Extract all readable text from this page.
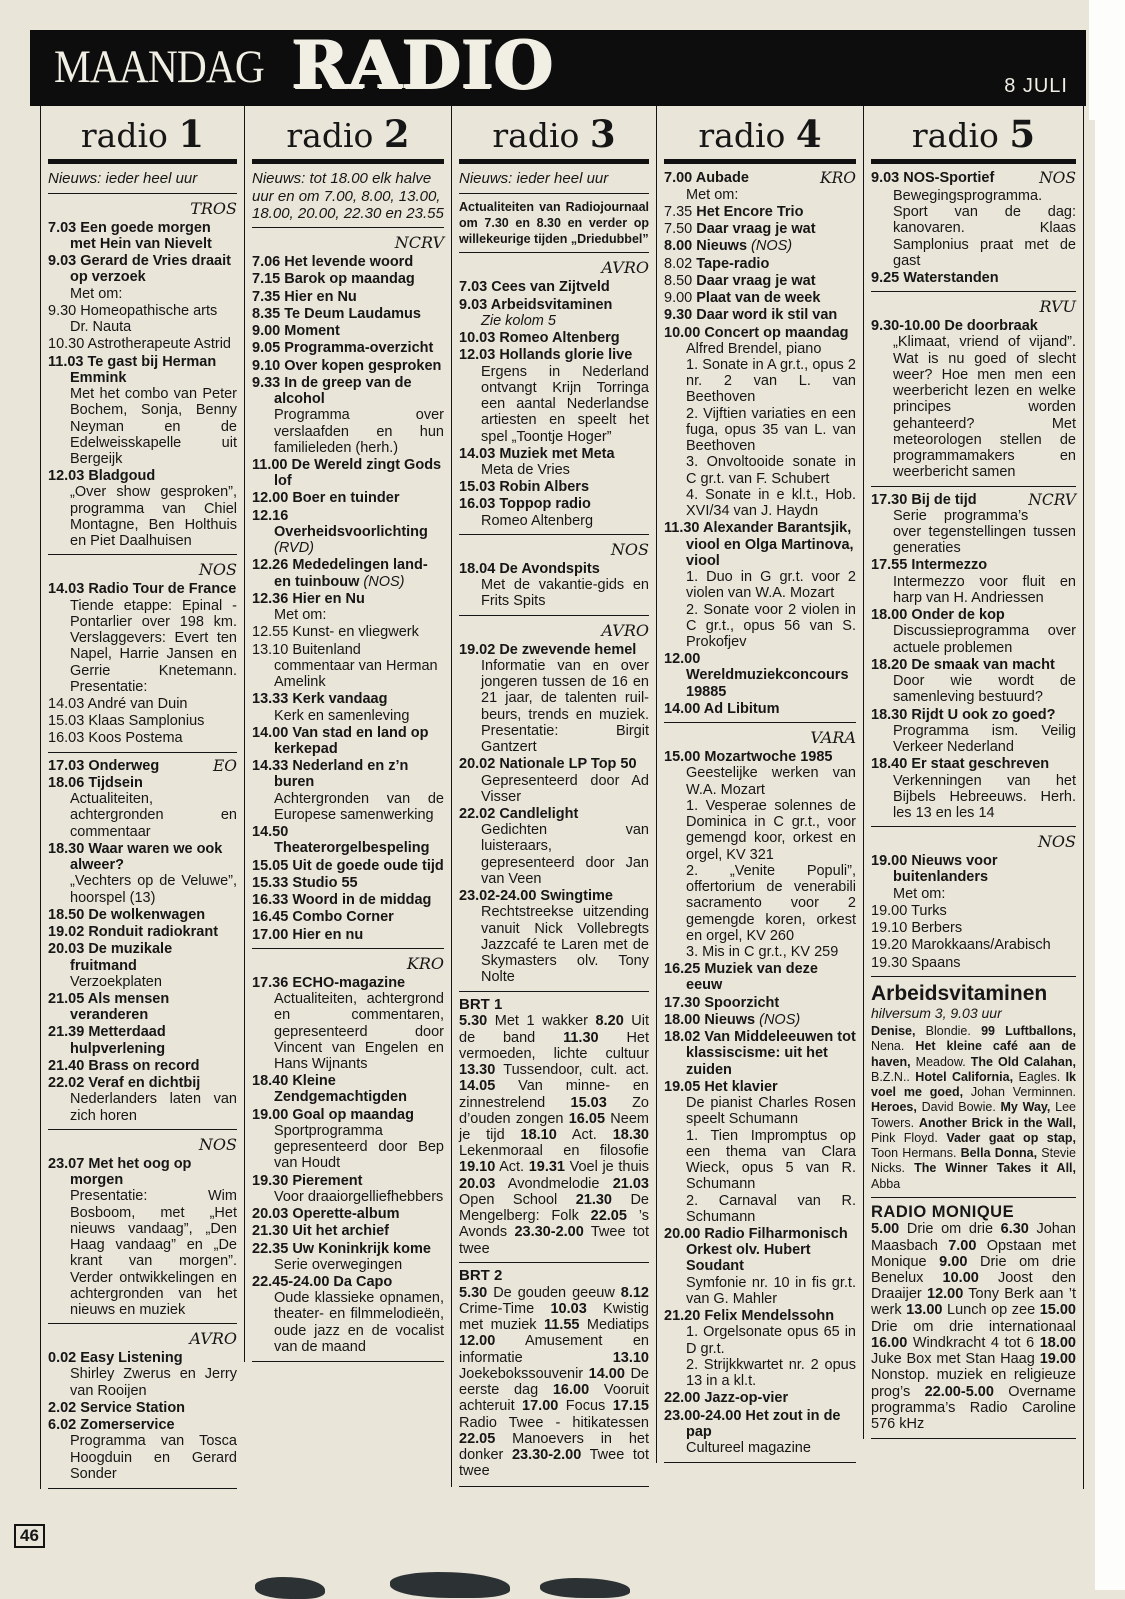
MAANDAG RADIO	8 JULI
radio 1
Nieuws: ieder heel uur
TROS
7.03 Een goede morgen met Hein van Nievelt
9.03 Gerard de Vries draait op verzoek
Met om:
9.30 Homeopathische arts Dr. Nauta
10.30 Astrotherapeute Astrid
11.03 Te gast bij Herman Emmink
Met het combo van Peter Bochem, Sonja, Benny Neyman en de Edelweisskapelle uit Bergeijk
12.03 Bladgoud
„Over show gesproken”, programma van Chiel Montagne, Ben Holthuis en Piet Daalhuisen
NOS
14.03 Radio Tour de France
Tiende etappe: Epinal - Pontarlier over 198 km. Verslaggevers: Evert ten Napel, Harrie Jansen en Gerrie Knetemann. Presentatie:
14.03 André van Duin
15.03 Klaas Samplonius
16.03 Koos Postema
EO
17.03 Onderweg
18.06 Tijdsein
Actualiteiten, achtergronden en commentaar
18.30 Waar waren we ook alweer?
„Vechters op de Veluwe”, hoorspel (13)
18.50 De wolkenwagen
19.02 Ronduit radiokrant
20.03 De muzikale fruitmand
Verzoekplaten
21.05 Als mensen veranderen
21.39 Metterdaad hulpverlening
21.40 Brass on record
22.02 Veraf en dichtbij
Nederlanders laten van zich horen
NOS
23.07 Met het oog op morgen
Presentatie: Wim Bosboom, met „Het nieuws vandaag”, „Den Haag vandaag” en „De krant van morgen”. Verder ontwikkelingen en achtergronden van het nieuws en muziek
AVRO
0.02 Easy Listening
Shirley Zwerus en Jerry van Rooijen
2.02 Service Station
6.02 Zomerservice
Programma van Tosca Hoogduin en Gerard Sonder
radio 2
Nieuws: tot 18.00 elk halve uur en om 7.00, 8.00, 13.00, 18.00, 20.00, 22.30 en 23.55
NCRV
7.06 Het levende woord
7.15 Barok op maandag
7.35 Hier en Nu
8.35 Te Deum Laudamus
9.00 Moment
9.05 Programma-overzicht
9.10 Over kopen gesproken
9.33 In de greep van de alcohol
Programma over verslaafden en hun familieleden (herh.)
11.00 De Wereld zingt Gods lof
12.00 Boer en tuinder
12.16 Overheidsvoorlichting (RVD)
12.26 Mededelingen land- en tuinbouw (NOS)
12.36 Hier en Nu
Met om:
12.55 Kunst- en vliegwerk
13.10 Buitenland commentaar van Herman Amelink
13.33 Kerk vandaag
Kerk en samenleving
14.00 Van stad en land op kerkepad
14.33 Nederland en z’n buren
Achtergronden van de Europese samenwerking
14.50 Theaterorgelbespeling
15.05 Uit de goede oude tijd
15.33 Studio 55
16.33 Woord in de middag
16.45 Combo Corner
17.00 Hier en nu
KRO
17.36 ECHO-magazine
Actualiteiten, achtergrond en commentaren, gepresenteerd door Vincent van Engelen en Hans Wijnants
18.40 Kleine Zendgemachtigden
19.00 Goal op maandag
Sportprogramma gepresenteerd door Bep van Houdt
19.30 Pierement
Voor draaiorgelliefhebbers
20.03 Operette-album
21.30 Uit het archief
22.35 Uw Koninkrijk kome
Serie overwegingen
22.45-24.00 Da Capo
Oude klassieke opnamen, theater- en filmmelodieën, oude jazz en de vocalist van de maand
radio 3
Nieuws: ieder heel uur
Actualiteiten van Radiojournaal om 7.30 en 8.30 en verder op willekeurige tijden „Driedubbel”
AVRO
7.03 Cees van Zijtveld
9.03 Arbeidsvitaminen
Zie kolom 5
10.03 Romeo Altenberg
12.03 Hollands glorie live
Ergens in Nederland ontvangt Krijn Torringa een aantal Nederlandse artiesten en speelt het spel „Toontje Hoger”
14.03 Muziek met Meta
Meta de Vries
15.03 Robin Albers
16.03 Toppop radio
Romeo Altenberg
NOS
18.04 De Avondspits
Met de vakantie-gids en Frits Spits
AVRO
19.02 De zwevende hemel
Informatie van en over jongeren tussen de 16 en 21 jaar, de talenten ruil-beurs, trends en muziek. Presentatie: Birgit Gantzert
20.02 Nationale LP Top 50
Gepresenteerd door Ad Visser
22.02 Candlelight
Gedichten van luisteraars, gepresenteerd door Jan van Veen
23.02-24.00 Swingtime
Rechtstreekse uitzending vanuit Nick Vollebregts Jazzcafé te Laren met de Skymasters olv. Tony Nolte
BRT 1

5.30 Met 1 wakker 8.20 Uit de band 11.30 Het vermoeden, lichte cultuur 13.30 Tussendoor, cult. act. 14.05 Van minne- en zinnestrelend 15.03 Zo d’ouden zongen 16.05 Neem je tijd 18.10 Act. 18.30 Lekenmoraal en filosofie 19.10 Act. 19.31 Voel je thuis 20.03 Avondmelodie 21.03 Open School 21.30 De Mengelberg: Folk 22.05 ’s Avonds 23.30-2.00 Twee tot twee

BRT 2

5.30 De gouden geeuw 8.12 Crime-Time 10.03 Kwistig met muziek 11.55 Mediatips 12.00 Amusement en informatie 13.10 Joekebokssouvenir 14.00 De eerste dag 16.00 Vooruit achteruit 17.00 Focus 17.15 Radio Twee - hitikatessen 22.05 Manoevers in het donker 23.30-2.00 Twee tot twee

radio 4
KRO
7.00 Aubade
Met om:
7.35 Het Encore Trio
7.50 Daar vraag je wat
8.00 Nieuws (NOS)
8.02 Tape-radio
8.50 Daar vraag je wat
9.00 Plaat van de week
9.30 Daar word ik stil van
10.00 Concert op maandag
Alfred Brendel, piano
1. Sonate in A gr.t., opus 2 nr. 2 van L. van Beethoven
2. Vijftien variaties en een fuga, opus 35 van L. van Beethoven
3. Onvoltooide sonate in C gr.t. van F. Schubert
4. Sonate in e kl.t., Hob. XVI/34 van J. Haydn
11.30 Alexander Barantsjik, viool en Olga Martinova, viool
1. Duo in G gr.t. voor 2 violen van W.A. Mozart
2. Sonate voor 2 violen in C gr.t., opus 56 van S. Prokofjev
12.00 Wereldmuziekconcours 19885
14.00 Ad Libitum
VARA
15.00 Mozartwoche 1985
Geestelijke werken van W.A. Mozart
1. Vesperae solennes de Dominica in C gr.t., voor gemengd koor, orkest en orgel, KV 321
2. „Venite Populi”, offertorium de venerabili sacramento voor 2 gemengde koren, orkest en orgel, KV 260
3. Mis in C gr.t., KV 259
16.25 Muziek van deze eeuw
17.30 Spoorzicht
18.00 Nieuws (NOS)
18.02 Van Middeleeuwen tot klassiscisme: uit het zuiden
19.05 Het klavier
De pianist Charles Rosen speelt Schumann
1. Tien Impromptus op een thema van Clara Wieck, opus 5 van R. Schumann
2. Carnaval van R. Schumann
20.00 Radio Filharmonisch Orkest olv. Hubert Soudant
Symfonie nr. 10 in fis gr.t. van G. Mahler
21.20 Felix Mendelssohn
1. Orgelsonate opus 65 in D gr.t.
2. Strijkkwartet nr. 2 opus 13 in a kl.t.
22.00 Jazz-op-vier
23.00-24.00 Het zout in de pap
Cultureel magazine
radio 5
NOS
9.03 NOS-Sportief
Bewegingsprogramma. Sport van de dag: kanovaren. Klaas Samplonius praat met de gast
9.25 Waterstanden
RVU
9.30-10.00 De doorbraak
„Klimaat, vriend of vijand”. Wat is nu goed of slecht weer? Hoe men men een weerbericht lezen en welke principes worden gehanteerd? Met meteorologen stellen de programmamakers en weerbericht samen
NCRV
17.30 Bij de tijd
Serie programma’s over tegenstellingen tussen generaties
17.55 Intermezzo
Intermezzo voor fluit en harp van H. Andriessen
18.00 Onder de kop
Discussieprogramma over actuele problemen
18.20 De smaak van macht
Door wie wordt de samenleving bestuurd?
18.30 Rijdt U ook zo goed?
Programma ism. Veilig Verkeer Nederland
18.40 Er staat geschreven
Verkenningen van het Bijbels Hebreeuws. Herh. les 13 en les 14
NOS
19.00 Nieuws voor buitenlanders
Met om:
19.00 Turks
19.10 Berbers
19.20 Marokkaans/Arabisch
19.30 Spaans
Arbeidsvitaminen
hilversum 3, 9.03 uur

Denise, Blondie. 99 Luftballons, Nena. Het kleine café aan de haven, Meadow. The Old Calahan, B.Z.N.. Hotel California, Eagles. Ik voel me goed, Johan Verminnen. Heroes, David Bowie. My Way, Lee Towers. Another Brick in the Wall, Pink Floyd. Vader gaat op stap, Toon Hermans. Bella Donna, Stevie Nicks. The Winner Takes it All, Abba

RADIO MONIQUE

5.00 Drie om drie 6.30 Johan Maasbach 7.00 Opstaan met Monique 9.00 Drie om drie Benelux 10.00 Joost den Draaijer 12.00 Tony Berk aan ’t werk 13.00 Lunch op zee 15.00 Drie om drie internationaal 16.00 Windkracht 4 tot 6 18.00 Juke Box met Stan Haag 19.00 Nonstop. muziek en religieuze prog’s 22.00-5.00 Overname programma’s Radio Caroline 576 kHz

46
